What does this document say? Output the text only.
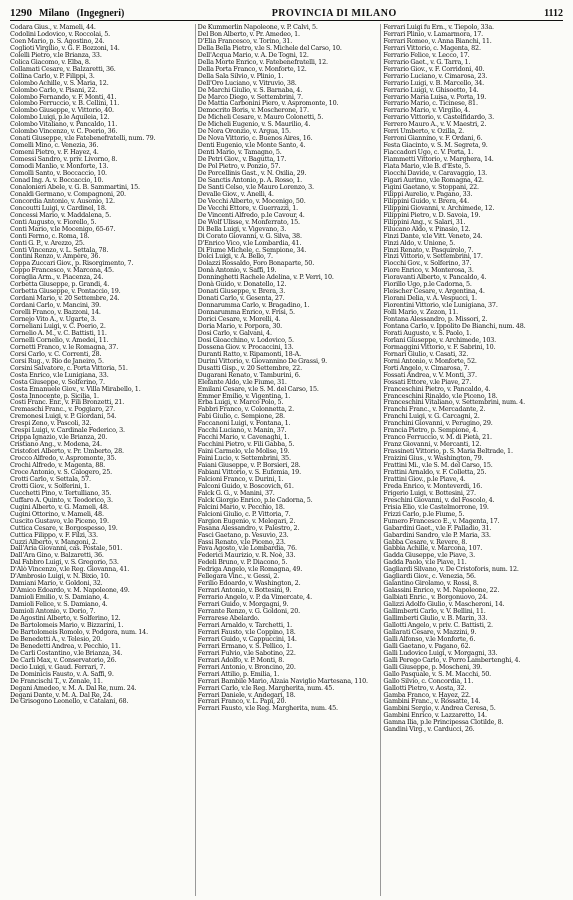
1290 Milano (Ingegneri)	PROVINCIA DI MILANO	1112
Codara Gius., v. Mameli, 44.
Codolini Lodovico, v. Roccolai, 5.
Coen Mario, p. S. Agostino, 24.
Coglioti Virgilio, v. G. F. Bozzoni, 14.
Colelli Pietro, v.le Brianza, 33.
Colica Giacomo, v. Elba, 8.
Collamati Cesare, v. Balzaretti, 36.
Collina Carlo, v. P. Filippi, 3.
Colombo Achille, v. S. Maria, 12.
Colombo Carlo, v. Pisani, 22.
Colombo Fernando, v. F. Monti, 41.
Colombo Ferruccio, v. B. Cellini, 11.
Colombo Giuseppe, v. Vittorio, 40.
Colombo Luigi, p.le Aquileia, 12.
Colombo Vitaliano, v. Pancaldo, 11.
Colombo Vincenzo, v. C. Poerio, 36.
Conati Giuseppe, v.le Fatebenefratelli, num. 79.
Comelli Mino, c. Venezia, 36.
Comeni Pietro, v. F. Hayez, 4.
Comessi Sandro, v. priv. Livorno, 8.
Comodi Manlio, v. Monforte, 13.
Comolli Santo, v. Boccaccio, 10.
Conad Ing. A. v. Boccaccio, 10.
Conalonieri Abele, v. G. B. Sammartini, 15.
Conaldi Germano, v. Compagnoni, 20.
Concordia Antonio, v. Ausonio, 12.
Concoutti Luigi, v. Cardinel, 18.
Concessi Mario, v. Maddalena, 5.
Conti Augusto, v. Fiorello, 5.
Conti Mario, v.le Mocenigo, 65-67.
Conti Fermo, c. Roma, 18.
Conti G. P., v. Arezzo, 25.
Conti Vincenzo, v. L. Settala, 78.
Contini Renzo, v. Ampère, 36.
Coppa Zuccari Giov., p. Risorgimento, 7.
Coppo Francesco, v. Marcona, 45.
Coraglia Arm., v. Piacenza, 24.
Corbetta Giuseppe, p. Grandi, 4.
Corbetta Giuseppe, v. Pontaccio, 19.
Cordani Mario, v. 20 Settembre, 24.
Cordani Carlo, v. Mancini, 39.
Corelli Franco, v. Bazzoni, 14.
Cornejo Vito A., v. Ugarte, 3.
Corneliani Luigi, v. C. Poerio, 2.
Cornelio A. M., v. C. Battisti, 11.
Cornelli Cornelio, v. Amedei, 11.
Cornetti Franco, v. le Romagna, 37.
Corsi Carlo, v. C. Correnti, 28.
Corsi Rug., v. Rio de Janeiro, 5.
Corsini Salvatore, c. Porta Vittoria, 51.
Costa Enrico, v.le Lunigiana, 33.
Costa Giuseppe, v. Solferino, 7.
Costa Emanuele Giov., v. Villa Mirabello, 1.
Costa Innocente, p. Sicilia, 1.
Costi Franc. Enr., v. Fili Bronzetti, 21.
Cremaschi Franc., v. Poggiaro, 27.
Cremonesi Luigi, v. P. Giordani, 54.
Crespi Zeno, v. Pascoli, 32.
Crespi Luigi, v. Cardinale Federico, 3.
Crippa Ignazio, v.le Brianza, 20.
Cristiano Ang., v. Modena, 24.
Cristofori Alberto, v. Pr. Umberto, 28.
Crocco Alfredo, v. Aspromonte, 35.
Crochi Alfredo, v. Magenta, 88.
Croce Antonio, v. S. Calogero, 25.
Crotti Carlo, v. Settala, 57.
Crotti Giov., v. Solferini, 1.
Cucchetti Pino, v. Tertulliano, 35.
Cuffaro A. Quinto, v. Teodorico, 3.
Cugini Alberto, v. G. Mameli, 48.
Cugini Ottorino, v. Mameli, 48.
Cuscito Gustavo, v.le Piceno, 19.
Cuttica Cesare, v. Borgospesso, 19.
Cuttica Filippo, v. F. Filzi, 33.
Cuzzi Alberto, v. Mangoni, 2.
Dall'Aria Giovanni, cas. Postale, 501.
Dall'Ara Gino, v. Balzaretti, 36.
Dal Fabbro Luigi, v. S. Gregorio, 53.
D'Alò Vincenzo, v.le Reg. Giovanna, 41.
D'Ambrosio Luigi, v. N. Bixio, 10.
Damiani Mario, v. Goldoni, 32.
D'Amico Edoardo, v. M. Napoleone, 49.
Damioli Emilio, v. S. Damiano, 4.
Damioli Felice, v. S. Damiano, 4.
Damioli Antonio, v. Dorio, 7.
De Agostini Alberto, v. Solferino, 12.
De Bartolomeis Mario, v. Bizzarini, 1.
De Bartolomeis Romolo, v. Podgora, num. 14.
De Benedetti A., v. Telesio, 20.
De Benedetti Andrea, v. Pecchio, 11.
De Carli Costantino, v.le Brianza, 34.
De Carli Max, v. Conservatorio, 26.
Decio Luigi, v. Gaud. Ferrari, 7.
De Dominicis Fausto, v. A. Saffi, 9.
De Francischi T., v. Zenale, 11.
Degani Amedeo, v. M. A. Dal Re, num. 24.
Degani Dante, v. M. A. Dal Re, 24.
De Grisogono Leonello, v. Catalani, 68.
De Kummerlin Napoleone, v. P. Calvi, 5.
Del Bon Alberto, v. Pr. Amedeo, 1.
D'Elia Francesco, v. Torino, 31.
Della Bella Pietro, v.le S. Michele del Carso, 10.
Dell'Acqua Mario, v. A. De Togni, 12.
Della Morte Enrico, v. Fatebenefratelli, 12.
Della Porta Franco, v. Monforte, 12.
Della Sala Silvio, v. Plinio, 1.
Dell'Oro Luciano, v. Vitruvio, 38.
De Marchi Giulio, v. S. Barnaba, 4.
De Marco Diego, v. Settembrini, 7.
De Mattia Carbonini Piero, v. Aspromonte, 10.
Democrito Boris, v. Moscherone, 17.
De Micheli Cesare, v. Mauro Colonetti, 5.
De Micheli Eugenio, v. S. Maurilio, 4.
De Nora Oronzio, v. Argua, 15.
De Nova Vittorio, c. Buenos Aires, 16.
Denti Eugenio, v.le Monte Santo, 4.
Denti Mario, v. Tamagno, 5.
De Petri Giov., v. Bagutta, 17.
De Pol Pietro, v. Ponzio, 57.
De Porcellinis Gast., v. N. Oxilia, 29.
De Sanctis Antonio, p. A. Rosso, 1.
De Santi Celso, v.le Mauro Lorenzo, 3.
Devalle Giov., v. Anelli, 4.
De Vecchi Alberto, v. Mocenigo, 50.
De Vecchi Ettore, v. Guerrazzi, 1.
De Vincenti Alfredo, p.le Cavour, 4.
De Wolf Ulisse, v. Monferrato, 15.
Di Bella Luigi, v. Vigevano, 3.
Di Corato Giovanni, v. G. Silva, 38.
D'Enrico Vico, v.le Lombardia, 41.
Di Fiume Michele, c. Sempione, 34.
Dolci Luigi, v. A. Bello, 7.
Dolazzi Rossaldo, Foro Bonaparte, 50.
Donà Antonio, v. Saffi, 19.
Donninghetti Rachele Adelina, v. P. Verri, 10.
Donà Guido, v. Donatello, 12.
Donati Giuseppe, v. Brera, 3.
Donati Carlo, v. Gesenta, 27.
Donnarumma Carlo, v. Bragadino, 1.
Donnarumma Enrico, v. Frisi, 5.
Dorici Cesare, v. Morelli, 4.
Doria Mario, v. Porpora, 30.
Dosi Carlo, v. Galvani, 4.
Dosi Gioacchino, v. Lodovico, 5.
Dossena Giov. v. Procaccini, 13.
Duranti Ratto, v. Ripamonti, 18-A.
Durini Vittorio, v. Giovannino De Grassi, 9.
Dusatti Gisp., v. 20 Settembre, 22.
Dugarani Renato, v. Tamburini, 6.
Elefante Aldo, v.le Fiume, 31.
Emilani Cesare, v.le S. M. del Carso, 15.
Emmer Emilio, v. Vigentina, 1.
Erba Luigi, v. Marco Polo, 5.
Fabbri Franco, v. Colonnetta, 2.
Fabi Giulio, c. Sempione, 28.
Faccanoni Luigi, v. Fontana, 1.
Facchi Luciano, v. Manin, 37.
Facchi Mario, v. Cavenaghi, 1.
Facchini Pietro, v. Fili Gabba, 5.
Faini Carmelo, v.le Molise, 19.
Faini Lucio, v. Settembrini, 35.
Faiani Giuseppe, v. P. Borsieri, 28.
Fabiani Vittorio, v. S. Eufemia, 19.
Falcioni Franco, v. Durini, 1.
Falconi Guido, v. Boscovich, 61.
Falck G. G., v. Manini, 37.
Falck Giorgio Enrico, p.le Cadorna, 5.
Falcini Mario, v. Pecchio, 18.
Falcioni Giulio, c. P. Vittoria, 7.
Fargion Eugenio, v. Melegari, 2.
Fasana Alessandro, v. Palestro, 2.
Fasci Gaetano, p. Vesuvio, 23.
Fassi Renato, v.le Piceno, 23.
Fava Agosto, v.le Lombardia, 76.
Federici Maurizio, v. R. Noè, 33.
Fedeli Bruno, v. P. Diacono, 5.
Fedriga Angelo, v.le Romagna, 49.
Fellegara Vinc., v. Gessi, 2.
Ferilio Edoardo, v. Washington, 2.
Ferrari Antonio, v. Bottesini, 9.
Ferrario Angelo, v. P. da Vimercate, 4.
Ferrari Guido, v. Morgagni, 9.
Ferrante Renzo, v. G. Goldoni, 20.
Ferrarese Abelardo.
Ferrari Arnaldo, v. Tarchetti, 1.
Ferrari Fausto, v.le Coppino, 18.
Ferrari Guido, v. Cappuccini, 14.
Ferrari Ermano, v. S. Pellico, 1.
Ferrari Fulvio, v.le Sabotino, 22.
Ferrari Adolfo, v. P. Monti, 8.
Ferrari Antonio, v. Broncino, 20.
Ferrari Attilio, p. Emilia, 1.
Ferrari Bambile Mario, Alzaia Naviglio Martesana, 110.
Ferrari Carlo, v.le Reg. Margherita, num. 45.
Ferrari Daniele, v. Andegari, 18.
Ferrari Franco, v. L. Papi, 20.
Ferrari Fausto, v.le Reg. Margherita, num. 45.
Ferrari Luigi fu Ern., v. Tiepolo, 33a.
Ferrari Plinio, v. Lamarmora, 17.
Ferrari Romeo, v. Anna Bianchi, 11.
Ferrari Vittorio, c. Magenta, 82.
Ferrario Felice, v. Lecco, 17.
Ferrario Gaet., v. G. Tarra, 1.
Ferrario Giov., v. F. Corridoni, 40.
Ferrario Luciano, v. Cimarosa, 23.
Ferrario Luigi, v. B. Marcello, 34.
Ferrario Luigi, v. Ghisoetto, 14.
Ferrario Maria Luisa, v. Porta, 19.
Ferrario Mario, c. Ticinese, 81.
Ferrario Mario, v. Virgilio, 4.
Ferrario Vittorio, v. Castelfidardo, 3.
Ferrero Mauro A., v. V. Maestri, 2.
Ferri Umberto, v. Ozilla, 2.
Ferroni Giannino, v. F. Ordani, 6.
Festa Giacinto, v. S. M. Segreta, 9.
Fiaccadori Ugo, c. V. Porta, 1.
Fiammetti Vittorio, v. Marghera, 14.
Fiata Mario, v.le B. d'Este, 5.
Fiocchi Davide, v. Caravaggio, 13.
Figari Aurimo, v.le Romagna, 42.
Figini Gaetano, v. Stoppani, 22.
Filippi Aurelio, v. Pagano, 33.
Filippini Guido, v. Brera, 44.
Filippini Giovanni, v. Archimede, 12.
Filippini Pietro, v. D. Savoia, 19.
Filippini Ang., v. Salari, 31.
Filucano Aldo, v. Pinasio, 12.
Finzi Dante, v.le Vitt. Veneto, 24.
Finzi Aldo, v. Unione, 5.
Finzi Renato, v. Pasquirolo, 7.
Finzi Vittorio, v. Settembrini, 17.
Fiocchi Gov., v. Solferino, 37.
Fiore Enrico, v. Monterosa, 3.
Fioravanti Alberto, v. Pancaldo, 4.
Fiorillo Ugo, p.le Cadorna, 5.
Fleischer Cesare, v. Argentina, 4.
Fiorani Delia, v. A. Vespucci, 1.
Fiorentini Vittorio, v.le Lunigiana, 37.
Folli Mario, v. Zezon, 11.
Fontana Alessandro, p. Missori, 2.
Fontana Carlo, v. Ippolito De Bianchi, num. 48.
Forati Augusto, v. S. Paolo, 1.
Forlani Giuseppe, v. Archimede, 103.
Formaggini Vittorio, v. F. Sabrini, 10.
Fornari Giulio, v. Casati, 32.
Forni Antonio, v. Monforte, 52.
Forti Angelo, v. Cimarosa, 7.
Fossati Andrea, v. V. Monti, 37.
Fossati Ettore, v.le Piave, 27.
Franceschini Pietro, v. Pancaldo, 4.
Franceschini Rinaldo, v.le Piceno, 18.
Franceschini Vitaliano, v. Settembrini, num. 4.
Franchi Franc., v. Mercadante, 2.
Franchi Luigi, v. G. Carcagni, 2.
Franchini Giovanni, v. Perugino, 29.
Francia Pietro, p. Sempione, 4.
Franco Ferruccio, v. M. di Pietà, 21.
Franz Giovanni, v. Mercanti, 12.
Frassineti Vittorio, p. S. Maria Beltrade, 1.
Fraizini Gius., v. Washington, 79.
Frattini Mi., v.le S. M. del Carso, 15.
Frattini Arnaldo, v. F. Colletta, 25.
Frattini Giov., p.le Piave, 4.
Freda Enrico, v. Monteverdi, 16.
Frigerio Luigi, v. Bottesini, 27.
Freschini Giovanni, v. del Foscolo, 4.
Frisia Elio, v.le Castelmorrone, 19.
Frizzi Carlo, p.le Fiume, 5.
Fumero Francesco E., v. Magenta, 17.
Gabardini Gaet., v.le F. Palladio, 31.
Gabardini Sandro, v.le P. Maria, 33.
Gabba Cesare, v. Revere, 8.
Gabbia Achille, v. Marcona, 107.
Gadda Giuseppe, v.le Piave, 3.
Gadda Paolo, v.le Piave, 11.
Gagliardi Silvano, v. De Cristoforis, num. 12.
Gagliardi Giov., c. Venezia, 56.
Galantino Girolamo, v. Rossi, 8.
Galassini Enrico, v. M. Napoleone, 22.
Galbiati Enric., v. Borgonuovo, 24.
Galizzi Adolfo Giulio, v. Mascheroni, 14.
Gallimberti Carlo, v. V. Bellini, 11.
Gallimberti Giulio, v. B. Marin, 33.
Gallotti Angelo, v. priv. C. Battisti, 2.
Gallarati Cesare, v. Mazzini, 9.
Galli Alfonso, v.le Monforte, 6.
Galli Gaetano, v. Pagano, 62.
Galli Ludovico Luigi, v. Morgagni, 33.
Galli Perego Carlo, v. Porro Lambertenghi, 4.
Galli Giuseppe, p. Moscheni, 39.
Gallo Pasquale, v. S. M. Macchi, 50.
Gallo Silvio, c. Concordia, 11.
Gallotti Pietro, v. Aosta, 32.
Gamba Franco, v. Hayez, 22.
Gambini Franc., v. Rossatte, 14.
Gambini Sergio, v. Andrea Ceresa, 5.
Gambini Enrico, v. Lazzaretto, 14.
Gamna Ilia, p.le Principessa Clotilde, 8.
Gandini Virg., v. Carducci, 26.
